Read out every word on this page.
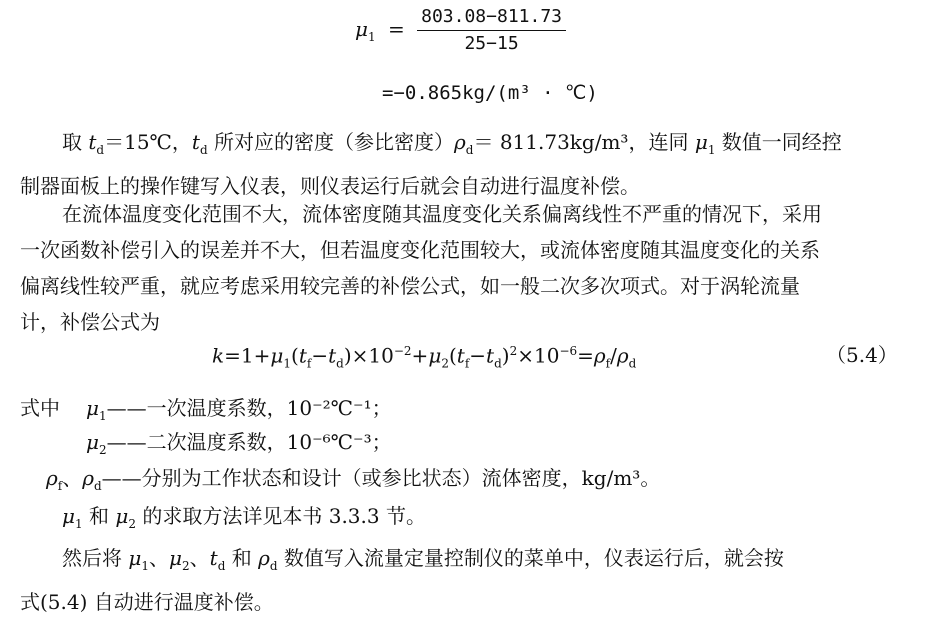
$\mu_1 = \frac{803.08-811.73}{25-15}$
=−0.865kg/(m³ · ℃)
取 $t_d=15℃$，$t_d$ 所对应的密度（参比密度）$\rho_d= 811.73kg/m^3$，连同 $\mu_1$ 数值一同经控
制器面板上的操作键写入仪表，则仪表运行后就会自动进行温度补偿。
在流体温度变化范围不大，流体密度随其温度变化关系偏离线性不严重的情况下，采用
一次函数补偿引入的误差并不大，但若温度变化范围较大，或流体密度随其温度变化的关系
偏离线性较严重，就应考虑采用较完善的补偿公式，如一般二次多次项式。对于涡轮流量
计，补偿公式为
$k=1+\mu_1(t_f-t_d)\times 10^{-2}+\mu_2(t_f-t_d)^2\times 10^{-6}=\rho_f/\rho_d$	（5.4）
式中 $\mu_1——$一次温度系数，10⁻²℃⁻¹；
$\mu_2——$二次温度系数，10⁻⁶℃⁻³；
$\rho_f$、$\rho_d——$分别为工作状态和设计（或参比状态）流体密度，kg/m³。
$\mu_1$ 和 $\mu_2$ 的求取方法详见本书 3.3.3 节。
然后将 $\mu_1$、$\mu_2$、$t_d$ 和 $\rho_d$ 数值写入流量定量控制仪的菜单中，仪表运行后，就会按
式(5.4) 自动进行温度补偿。
